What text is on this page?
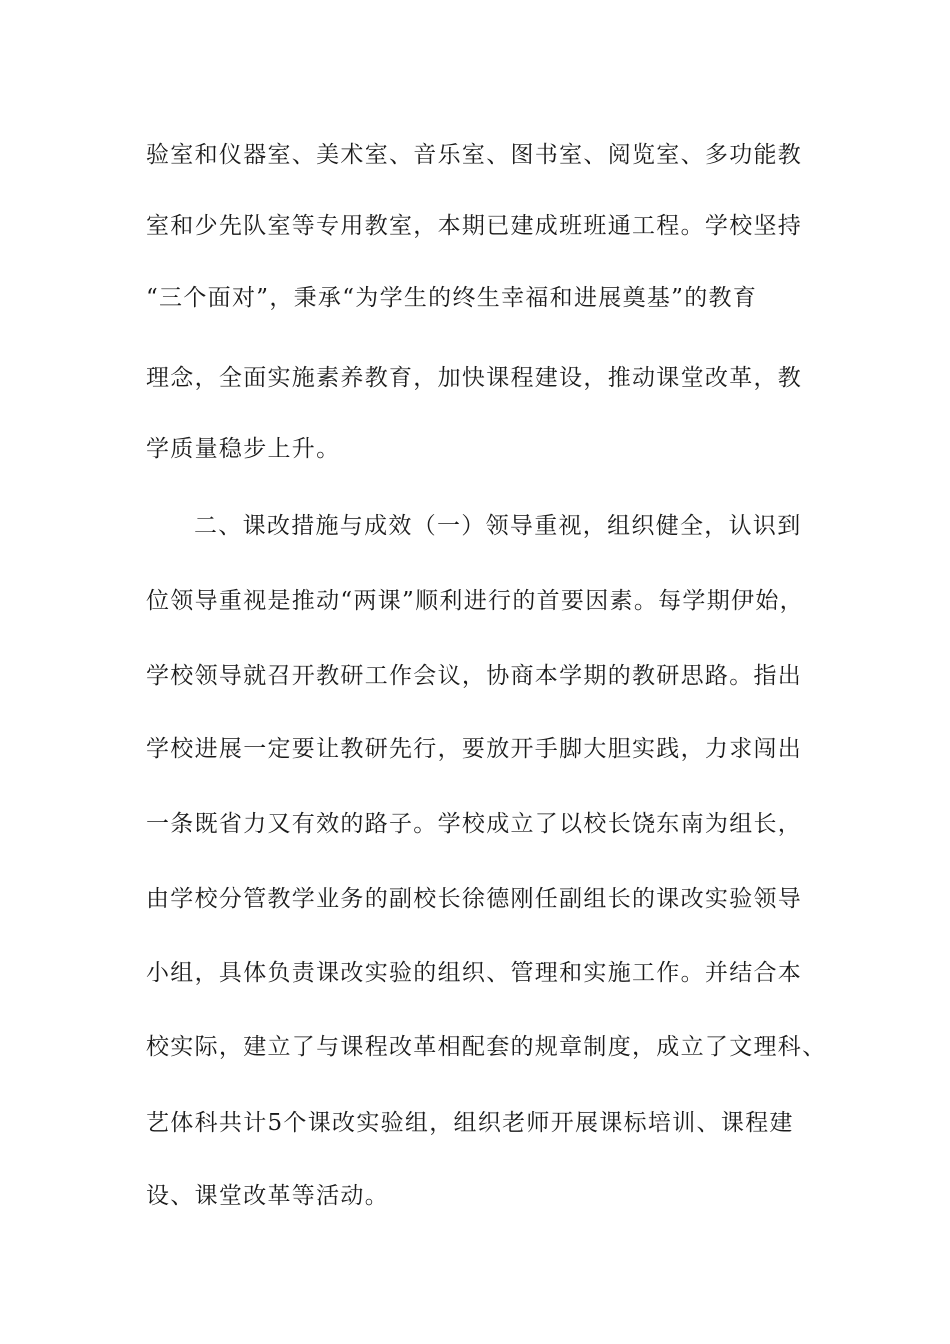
验室和仪器室、美术室、音乐室、图书室、阅览室、多功能教
室和少先队室等专用教室，本期已建成班班通工程。学校坚持
“三个面对”，秉承“为学生的终生幸福和进展奠基”的教育
理念，全面实施素养教育，加快课程建设，推动课堂改革，教
学质量稳步上升。
二、课改措施与成效（一）领导重视，组织健全，认识到
位领导重视是推动“两课”顺利进行的首要因素。每学期伊始，
学校领导就召开教研工作会议，协商本学期的教研思路。指出
学校进展一定要让教研先行，要放开手脚大胆实践，力求闯出
一条既省力又有效的路子。学校成立了以校长饶东南为组长，
由学校分管教学业务的副校长徐德刚任副组长的课改实验领导
小组，具体负责课改实验的组织、管理和实施工作。并结合本
校实际，建立了与课程改革相配套的规章制度，成立了文理科、
艺体科共计5个课改实验组，组织老师开展课标培训、课程建
设、课堂改革等活动。
